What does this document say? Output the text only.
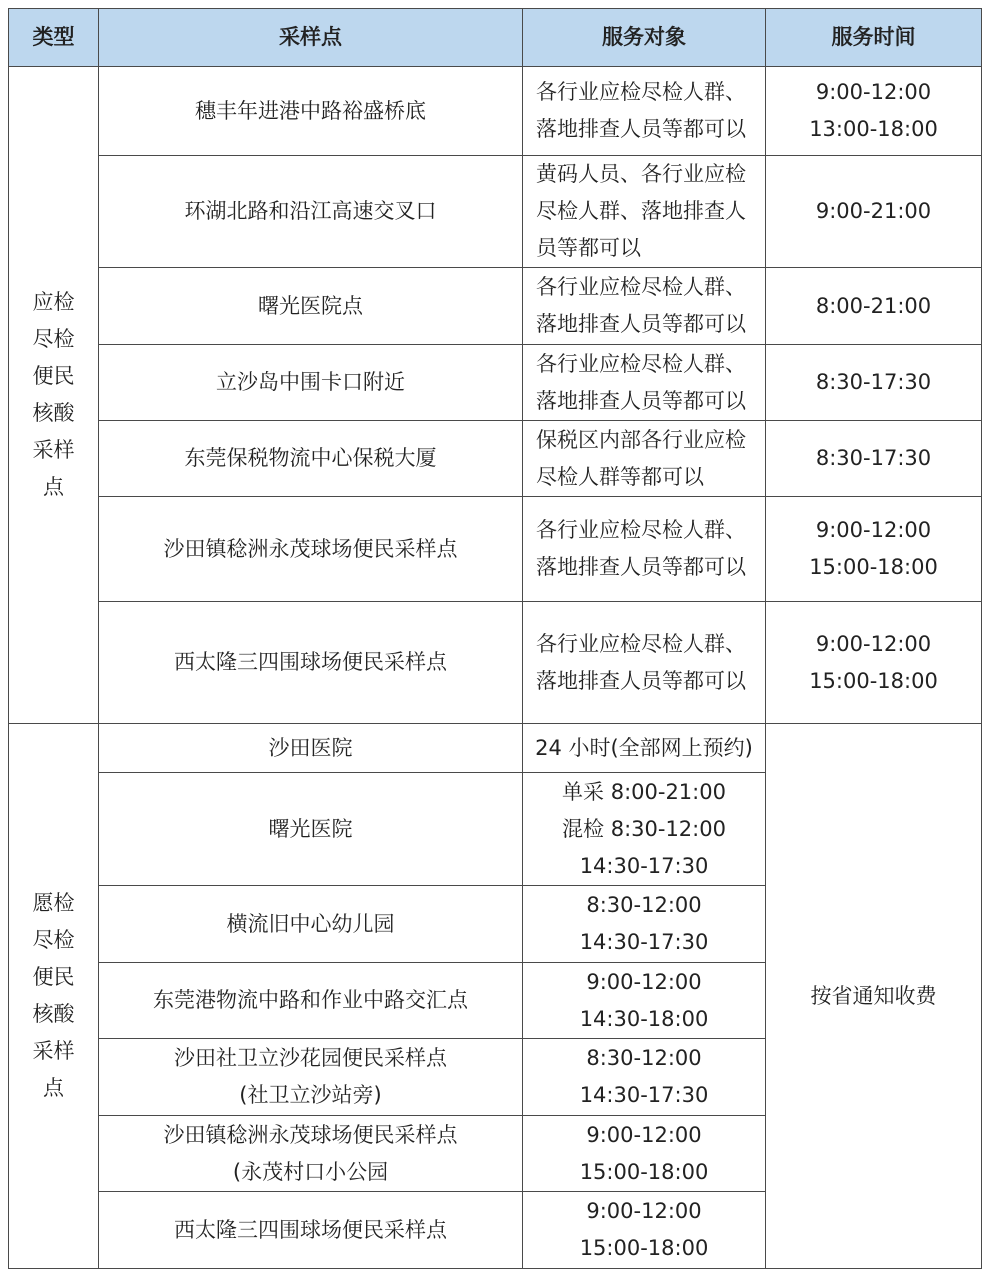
类型	采样点	服务对象	服务时间
应检尽检便民核酸采样点	穗丰年进港中路裕盛桥底	各行业应检尽检人群、
落地排查人员等都可以	9:00-12:00
13:00-18:00

	环湖北路和沿江高速交叉口	黄码人员、各行业应检
尽检人群、落地排查人
员等都可以	9:00-21:00

	曙光医院点	各行业应检尽检人群、
落地排查人员等都可以	8:00-21:00

	立沙岛中围卡口附近	各行业应检尽检人群、
落地排查人员等都可以	8:30-17:30

	东莞保税物流中心保税大厦	保税区内部各行业应检
尽检人群等都可以	8:30-17:30

	沙田镇稔洲永茂球场便民采样点	各行业应检尽检人群、
落地排查人员等都可以	9:00-12:00
15:00-18:00

	西太隆三四围球场便民采样点	各行业应检尽检人群、
落地排查人员等都可以	9:00-12:00
15:00-18:00

愿检尽检便民核酸采样点	沙田医院	24 小时(全部网上预约)	按省通知收费

	曙光医院	单采 8:00-21:00
混检 8:30-12:00
14:30-17:30	

	横流旧中心幼儿园	8:30-12:00
14:30-17:30	

	东莞港物流中路和作业中路交汇点	9:00-12:00
14:30-18:00	

	沙田社卫立沙花园便民采样点
(社卫立沙站旁)	8:30-12:00
14:30-17:30	

	沙田镇稔洲永茂球场便民采样点
(永茂村口小公园	9:00-12:00
15:00-18:00	

	西太隆三四围球场便民采样点	9:00-12:00
15:00-18:00	
